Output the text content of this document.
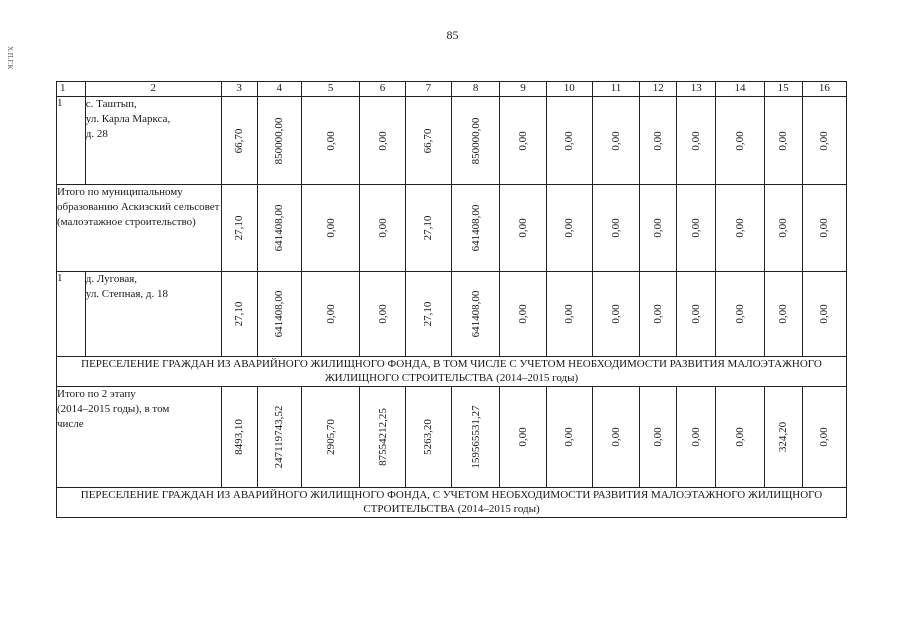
85
Х.П.Г.К
1	2	3	4	5	6	7	8	9	10	11	12	13	14	15	16
1	с. Таштып,
ул. Карла Маркса,
д. 28	66,70	850000,00	0,00	0,00	66,70	850000,00	0,00	0,00	0,00	0,00	0,00	0,00	0,00	0,00

Итого по муниципальному образованию Аскизский сельсовет (малоэтажное строительство)		27,10	641408,00	0,00	0,00	27,10	641408,00	0,00	0,00	0,00	0,00	0,00	0,00	0,00	0,00

1	д. Луговая,
ул. Степная, д. 18	27,10	641408,00	0,00	0,00	27,10	641408,00	0,00	0,00	0,00	0,00	0,00	0,00	0,00	0,00

ПЕРЕСЕЛЕНИЕ ГРАЖДАН ИЗ АВАРИЙНОГО ЖИЛИЩНОГО ФОНДА, В ТОМ ЧИСЛЕ С УЧЕТОМ НЕОБХОДИМОСТИ РАЗВИТИЯ МАЛОЭТАЖНОГО ЖИЛИЩНОГО СТРОИТЕЛЬСТВА (2014–2015 годы)															
Итого по 2 этапу
(2014–2015 годы), в том
числе		8493,10	247119743,52	2905,70	87554212,25	5263,20	159565531,27	0,00	0,00	0,00	0,00	0,00	0,00	324,20	0,00

ПЕРЕСЕЛЕНИЕ ГРАЖДАН ИЗ АВАРИЙНОГО ЖИЛИЩНОГО ФОНДА, С УЧЕТОМ НЕОБХОДИМОСТИ РАЗВИТИЯ МАЛОЭТАЖНОГО ЖИЛИЩНОГО СТРОИТЕЛЬСТВА (2014–2015 годы)															
